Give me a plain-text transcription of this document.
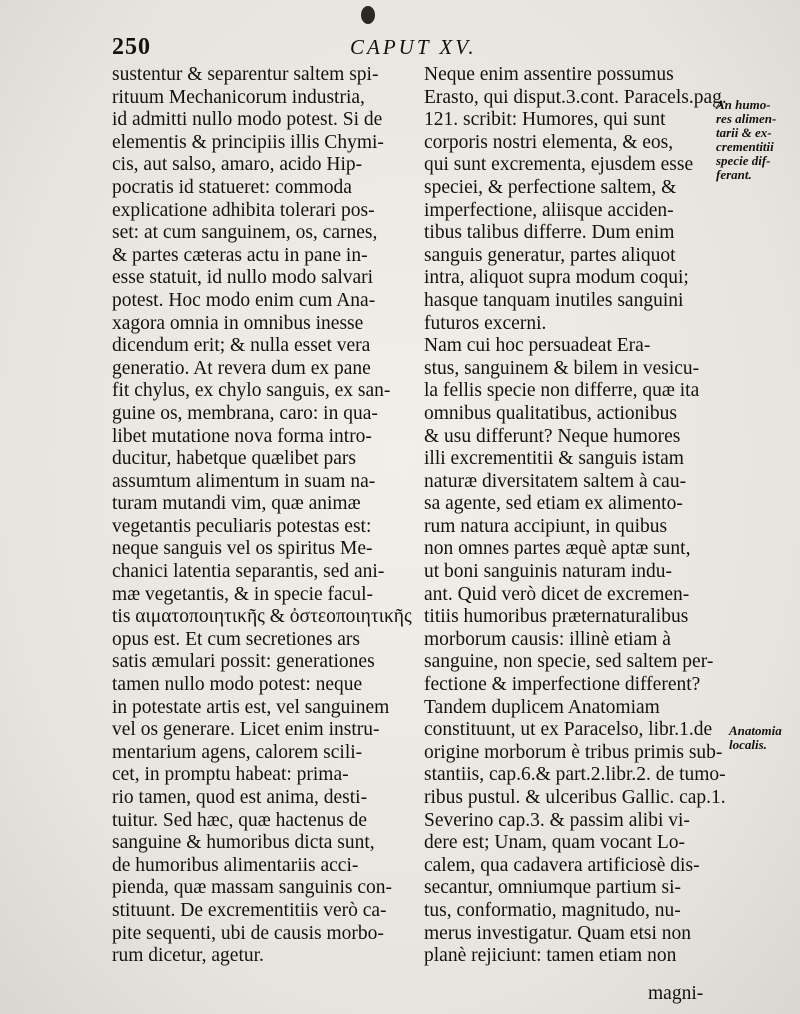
250	CAPUT XV.
sustentur & separentur saltem spi-
rituum Mechanicorum industria,
id admitti nullo modo potest. Si de
elementis & principiis illis Chymi-
cis, aut salso, amaro, acido Hip-
pocratis id statueret: commoda
explicatione adhibita tolerari pos-
set: at cum sanguinem, os, carnes,
& partes cæteras actu in pane in-
esse statuit, id nullo modo salvari
potest. Hoc modo enim cum Ana-
xagora omnia in omnibus inesse
dicendum erit; & nulla esset vera
generatio. At revera dum ex pane
fit chylus, ex chylo sanguis, ex san-
guine os, membrana, caro: in qua-
libet mutatione nova forma intro-
ducitur, habetque quælibet pars
assumtum alimentum in suam na-
turam mutandi vim, quæ animæ
vegetantis peculiaris potestas est:
neque sanguis vel os spiritus Me-
chanici latentia separantis, sed ani-
mæ vegetantis, & in specie facul-
tis αιματοποιητικῆς & ὀστεοποιητικῆς
opus est. Et cum secretiones ars
satis æmulari possit: generationes
tamen nullo modo potest: neque
in potestate artis est, vel sanguinem
vel os generare. Licet enim instru-
mentarium agens, calorem scili-
cet, in promptu habeat: prima-
rio tamen, quod est anima, desti-
tuitur. Sed hæc, quæ hactenus de
sanguine & humoribus dicta sunt,
de humoribus alimentariis acci-
pienda, quæ massam sanguinis con-
stituunt. De excrementitiis verò ca-
pite sequenti, ubi de causis morbo-
rum dicetur, agetur.
Neque enim assentire possumus
Erasto, qui disput.3.cont. Paracels.pag.
121. scribit: Humores, qui sunt
corporis nostri elementa, & eos,
qui sunt excrementa, ejusdem esse
speciei, & perfectione saltem, &
imperfectione, aliisque acciden-
tibus talibus differre. Dum enim
sanguis generatur, partes aliquot
intra, aliquot supra modum coqui;
hasque tanquam inutiles sanguini
futuros excerni.
Nam cui hoc persuadeat Era-
stus, sanguinem & bilem in vesicu-
la fellis specie non differre, quæ ita
omnibus qualitatibus, actionibus
& usu differunt? Neque humores
illi excrementitii & sanguis istam
naturæ diversitatem saltem à cau-
sa agente, sed etiam ex alimento-
rum natura accipiunt, in quibus
non omnes partes æquè aptæ sunt,
ut boni sanguinis naturam indu-
ant. Quid verò dicet de excremen-
titiis humoribus præternaturalibus
morborum causis: illinè etiam à
sanguine, non specie, sed saltem per-
fectione & imperfectione different?
Tandem duplicem Anatomiam
constituunt, ut ex Paracelso, libr.1.de
origine morborum è tribus primis sub-
stantiis, cap.6.& part.2.libr.2. de tumo-
ribus pustul. & ulceribus Gallic. cap.1.
Severino cap.3. & passim alibi vi-
dere est; Unam, quam vocant Lo-
calem, qua cadavera artificiosè dis-
secantur, omniumque partium si-
tus, conformatio, magnitudo, nu-
merus investigatur. Quam etsi non
planè rejiciunt: tamen etiam non
An humo-
res alimen-
tarii & ex-
crementitii
specie dif-
ferant.
Anatomia
localis.
magni-
